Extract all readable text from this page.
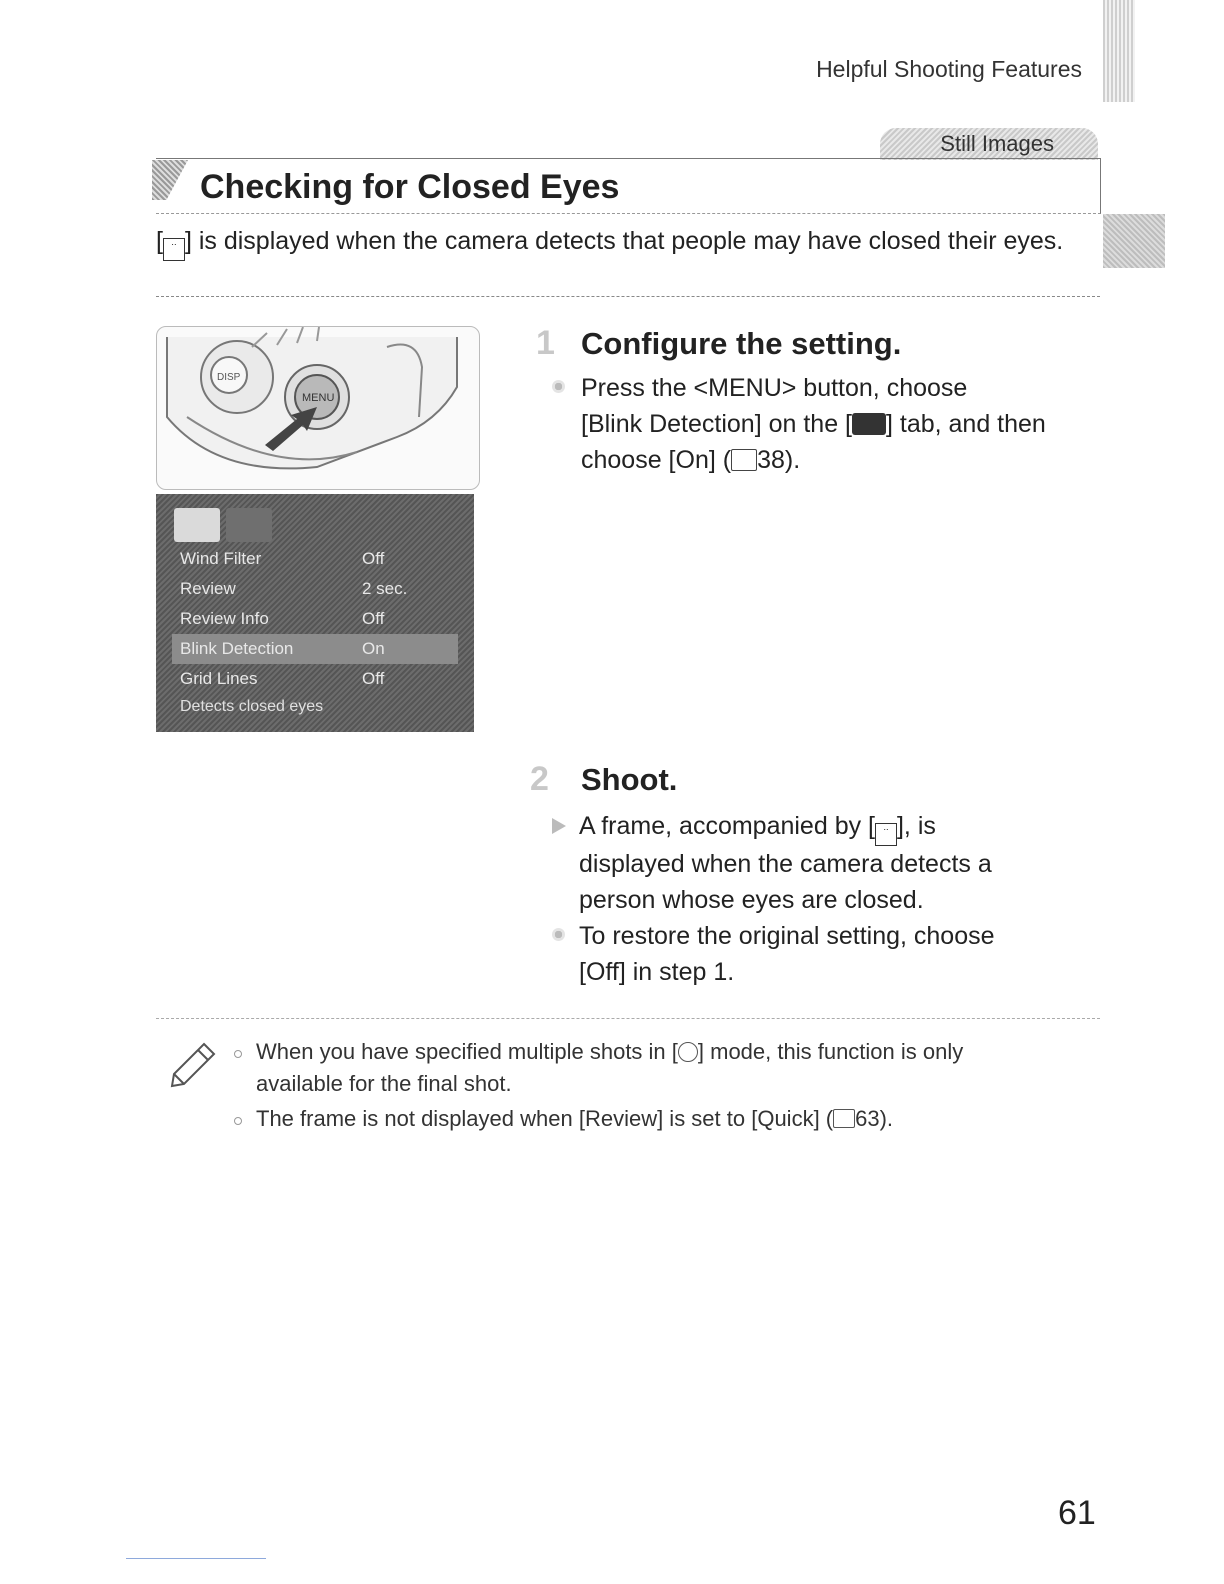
Helpful Shooting Features
Still Images
Checking for Closed Eyes

[ ˙˙ ] is displayed when the camera detects that people may have closed their eyes.

DISP
MENU
Wind Filter	Off
Review	2 sec.
Review Info	Off
Blink Detection	On
Grid Lines	Off
Detects closed eyes
1 Configure the setting.

Press the <MENU> button, choose
[Blink Detection] on the [ ] tab, and then
choose [On] ( 38).

2 Shoot.

A frame, accompanied by [ ˙˙ ], is
displayed when the camera detects a
person whose eyes are closed.

To restore the original setting, choose
[Off] in step 1.

When you have specified multiple shots in [ ] mode, this function is only
available for the final shot.

The frame is not displayed when [Review] is set to [Quick] ( 63).

61
